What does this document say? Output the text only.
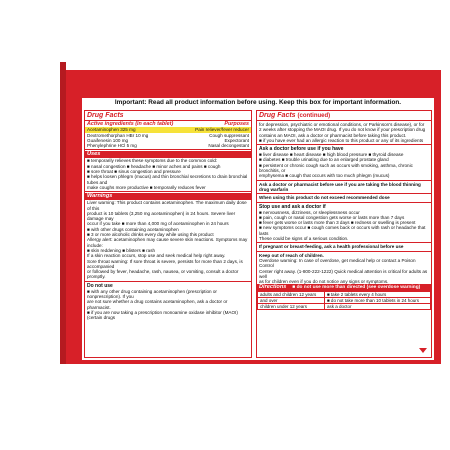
Important: Read all product information before using. Keep this box for important information.
Drug Facts
Active ingredients (in each tablet)	Purposes
Acetaminophen 325 mg	Pain reliever/fever reducer
Dextromethorphan HBr 10 mg	Cough suppressant
Guaifenesin 100 mg	Expectorant
Phenylephrine HCl 5 mg	Nasal decongestant
Uses
■ temporarily relieves these symptoms due to the common cold:
■ nasal congestion ■ headache ■ minor aches and pains ■ cough
■ sore throat ■ sinus congestion and pressure
■ helps loosen phlegm (mucus) and thin bronchial secretions to drain bronchial tubes and
make coughs more productive ■ temporarily reduces fever
Warnings
Liver warning: This product contains acetaminophen. The maximum daily dose of this
product is 10 tablets (3,250 mg acetaminophen) in 24 hours. Severe liver damage may
occur if you take ■ more than 4,000 mg of acetaminophen in 24 hours
■ with other drugs containing acetaminophen
■ 3 or more alcoholic drinks every day while using this product
Allergy alert: acetaminophen may cause severe skin reactions. Symptoms may include:
■ skin reddening ■ blisters ■ rash
If a skin reaction occurs, stop use and seek medical help right away.
Sore throat warning: If sore throat is severe, persists for more than 2 days, is accompanied
or followed by fever, headache, rash, nausea, or vomiting, consult a doctor promptly.
Do not use
■ with any other drug containing acetaminophen (prescription or nonprescription). If you
are not sure whether a drug contains acetaminophen, ask a doctor or pharmacist.
■ if you are now taking a prescription monoamine oxidase inhibitor (MAOI) (certain drugs
Drug Facts (continued)
for depression, psychiatric or emotional conditions, or Parkinson's disease), or for
2 weeks after stopping the MAOI drug. If you do not know if your prescription drug
contains an MAOI, ask a doctor or pharmacist before taking this product.
■ if you have ever had an allergic reaction to this product or any of its ingredients
Ask a doctor before use if you have
■ liver disease ■ heart disease ■ high blood pressure ■ thyroid disease
■ diabetes ■ trouble urinating due to an enlarged prostate gland
■ persistent or chronic cough such as occurs with smoking, asthma, chronic bronchitis, or
emphysema ■ cough that occurs with too much phlegm (mucus)
Ask a doctor or pharmacist before use if you are taking the blood thinning drug warfarin
When using this product do not exceed recommended dose
Stop use and ask a doctor if
■ nervousness, dizziness, or sleeplessness occur
■ pain, cough or nasal congestion gets worse or lasts more than 7 days
■ fever gets worse or lasts more than 3 days ■ redness or swelling is present
■ new symptoms occur ■ cough comes back or occurs with rash or headache that lasts
These could be signs of a serious condition.
If pregnant or breast-feeding, ask a health professional before use
Keep out of reach of children.
Overdose warning: In case of overdose, get medical help or contact a Poison Control
Center right away. (1-800-222-1222) Quick medical attention is critical for adults as well
as for children even if you do not notice any signs or symptoms.
Directions ■ do not use more than directed (see overdose warning)
adults and children 12 years	■ take 2 tablets every 4 hours
and over	■ do not take more than 10 tablets in 24 hours
children under 12 years	ask a doctor
